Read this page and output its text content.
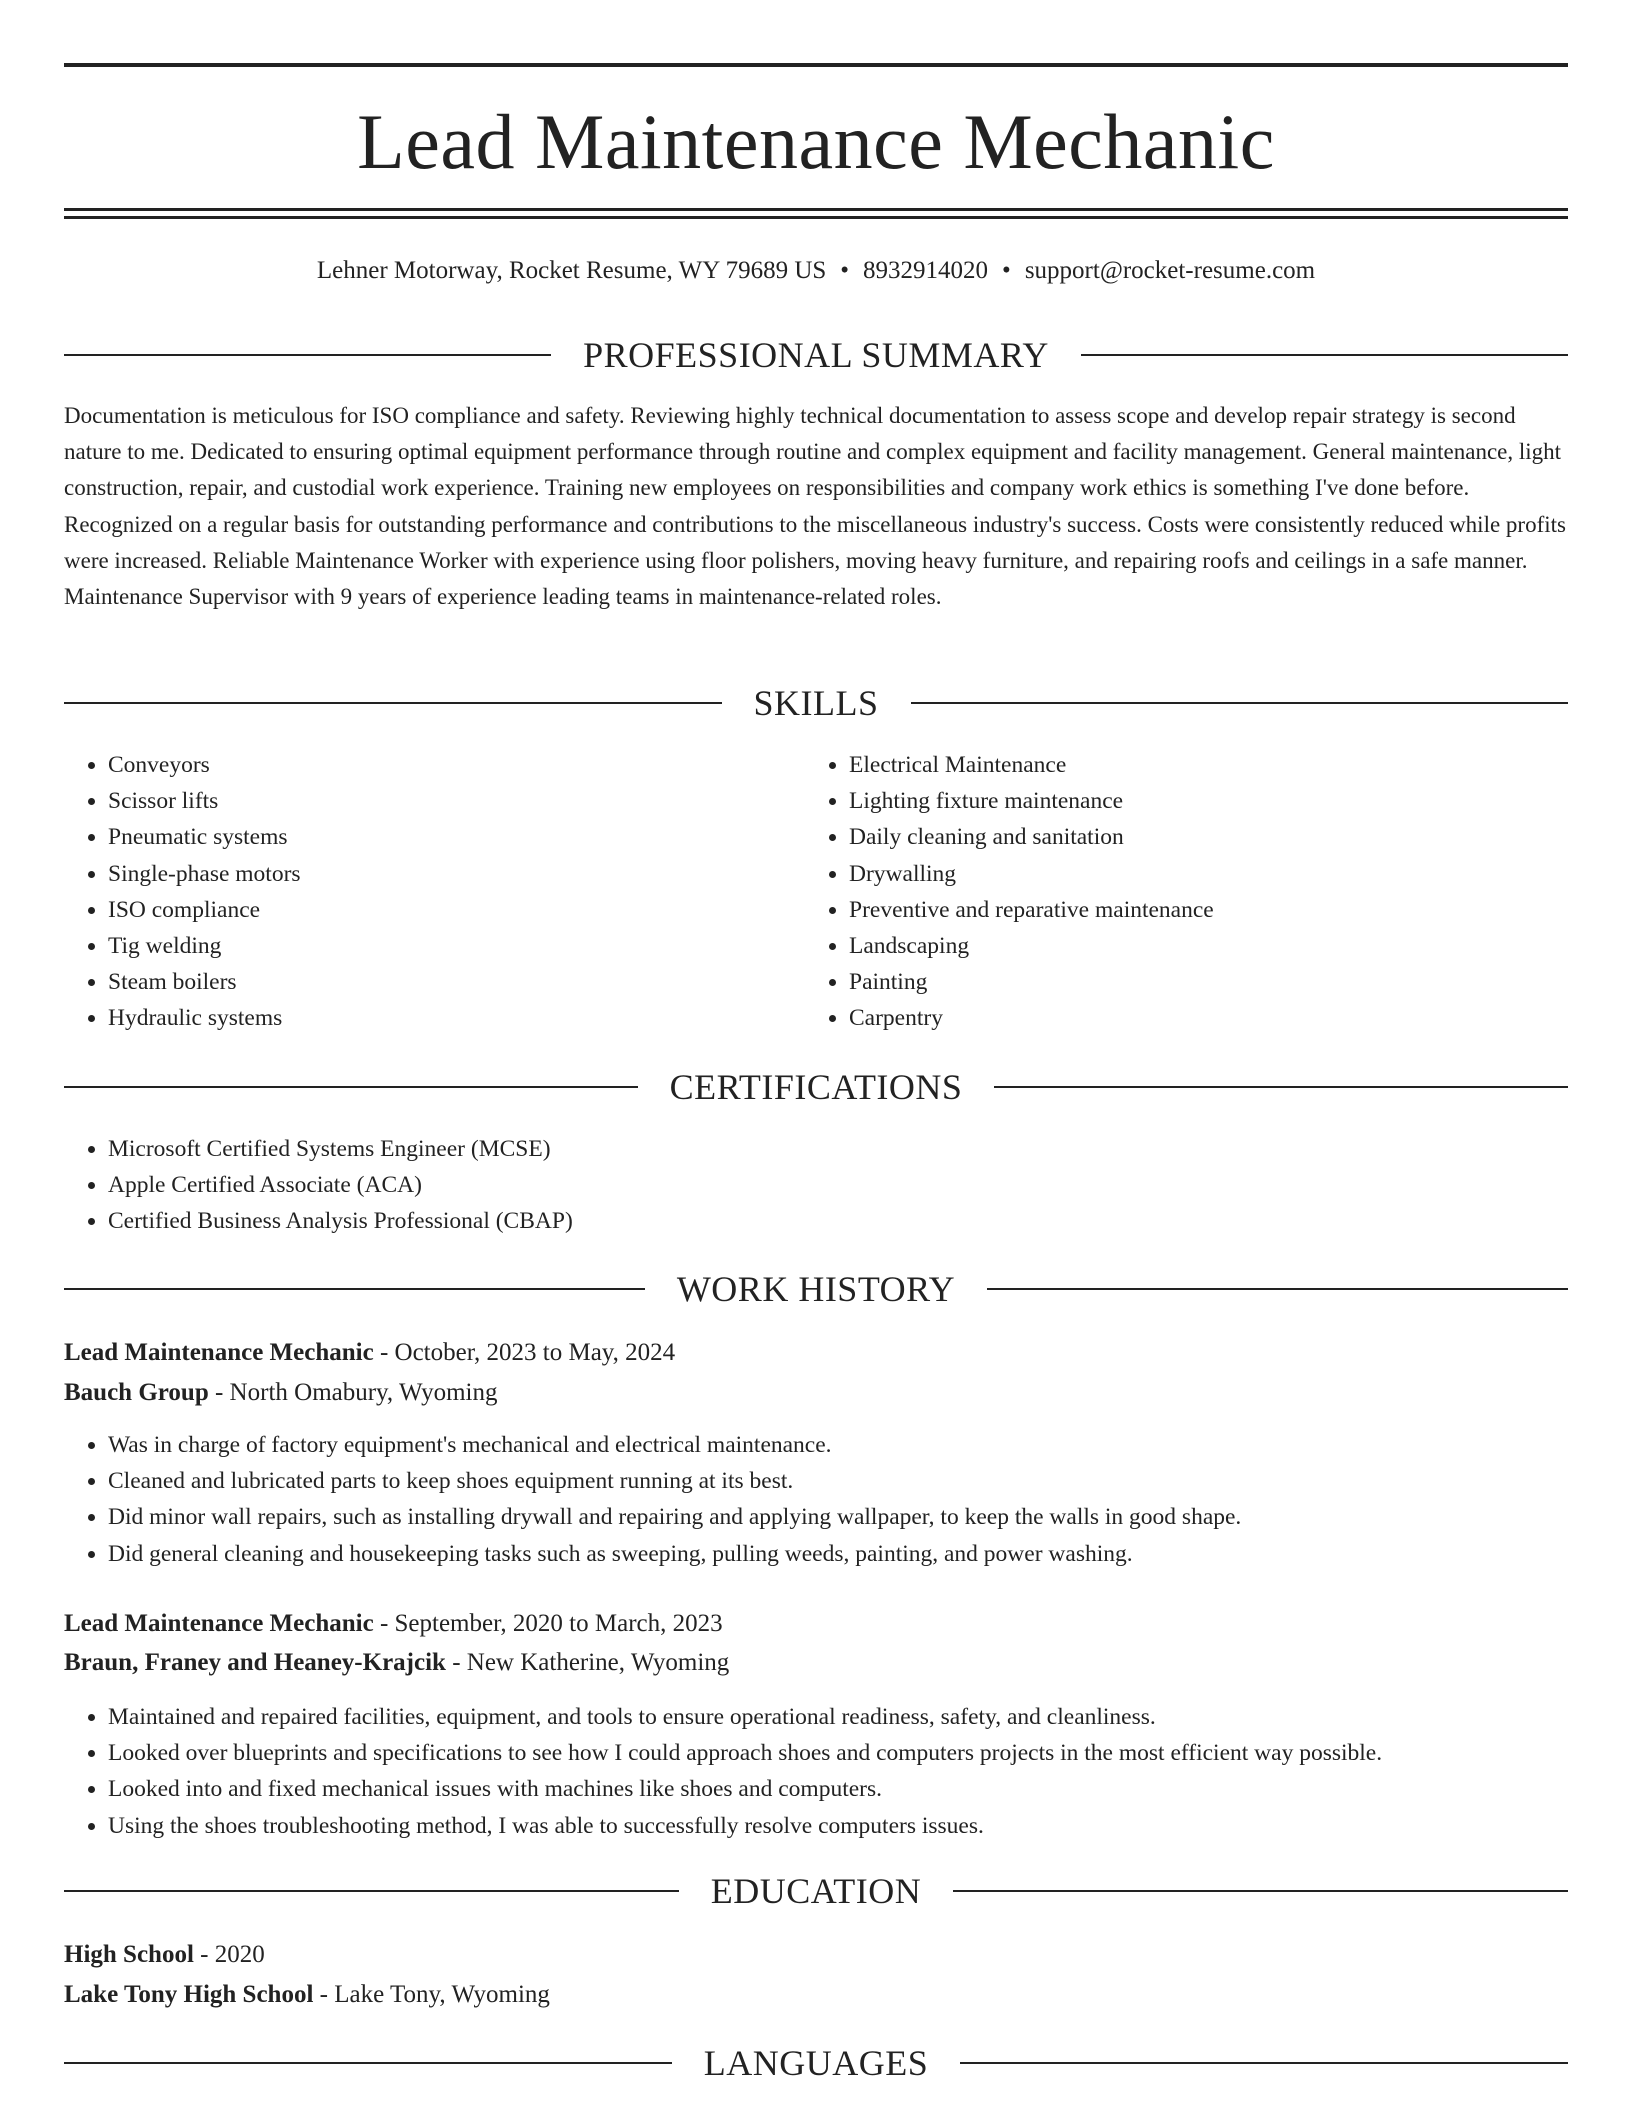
Lead Maintenance Mechanic
Lehner Motorway, Rocket Resume, WY 79689 US • 8932914020 • support@rocket-resume.com
PROFESSIONAL SUMMARY
Documentation is meticulous for ISO compliance and safety. Reviewing highly technical documentation to assess scope and develop repair strategy is second nature to me. Dedicated to ensuring optimal equipment performance through routine and complex equipment and facility management. General maintenance, light construction, repair, and custodial work experience. Training new employees on responsibilities and company work ethics is something I've done before. Recognized on a regular basis for outstanding performance and contributions to the miscellaneous industry's success. Costs were consistently reduced while profits were increased. Reliable Maintenance Worker with experience using floor polishers, moving heavy furniture, and repairing roofs and ceilings in a safe manner. Maintenance Supervisor with 9 years of experience leading teams in maintenance-related roles.
SKILLS
• Conveyors
• Scissor lifts
• Pneumatic systems
• Single-phase motors
• ISO compliance
• Tig welding
• Steam boilers
• Hydraulic systems
• Electrical Maintenance
• Lighting fixture maintenance
• Daily cleaning and sanitation
• Drywalling
• Preventive and reparative maintenance
• Landscaping
• Painting
• Carpentry
CERTIFICATIONS
• Microsoft Certified Systems Engineer (MCSE)
• Apple Certified Associate (ACA)
• Certified Business Analysis Professional (CBAP)
WORK HISTORY
Lead Maintenance Mechanic - October, 2023 to May, 2024
Bauch Group - North Omabury, Wyoming
• Was in charge of factory equipment's mechanical and electrical maintenance.
• Cleaned and lubricated parts to keep shoes equipment running at its best.
• Did minor wall repairs, such as installing drywall and repairing and applying wallpaper, to keep the walls in good shape.
• Did general cleaning and housekeeping tasks such as sweeping, pulling weeds, painting, and power washing.
Lead Maintenance Mechanic - September, 2020 to March, 2023
Braun, Franey and Heaney-Krajcik - New Katherine, Wyoming
• Maintained and repaired facilities, equipment, and tools to ensure operational readiness, safety, and cleanliness.
• Looked over blueprints and specifications to see how I could approach shoes and computers projects in the most efficient way possible.
• Looked into and fixed mechanical issues with machines like shoes and computers.
• Using the shoes troubleshooting method, I was able to successfully resolve computers issues.
EDUCATION
High School - 2020
Lake Tony High School - Lake Tony, Wyoming
LANGUAGES
